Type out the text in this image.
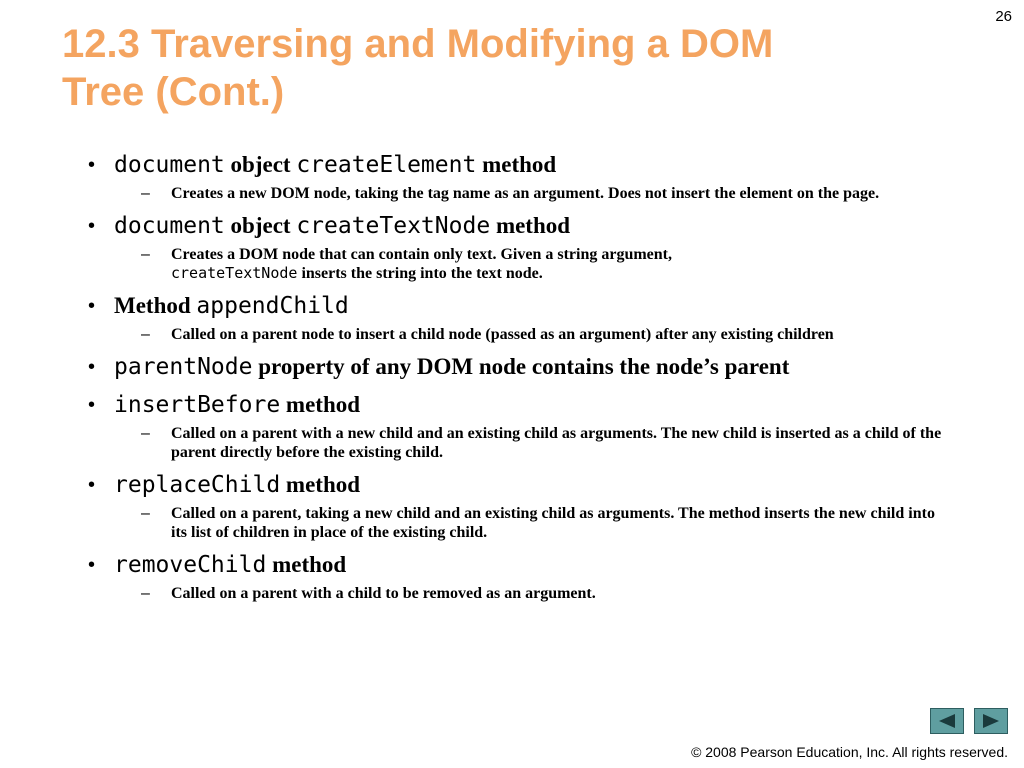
26
12.3 Traversing and Modifying a DOM
Tree (Cont.)
• document object createElement method
– Creates a new DOM node, taking the tag name as an argument. Does not insert the element on the page.
• document object createTextNode method
– Creates a DOM node that can contain only text. Given a string argument,
createTextNode inserts the string into the text node.
• Method appendChild
– Called on a parent node to insert a child node (passed as an argument) after any existing children
• parentNode property of any DOM node contains the node’s parent
• insertBefore method
– Called on a parent with a new child and an existing child as arguments. The new child is inserted as a child of the parent directly before the existing child.
• replaceChild method
– Called on a parent, taking a new child and an existing child as arguments. The method inserts the new child into its list of children in place of the existing child.
• removeChild method
– Called on a parent with a child to be removed as an argument.
© 2008 Pearson Education, Inc. All rights reserved.
